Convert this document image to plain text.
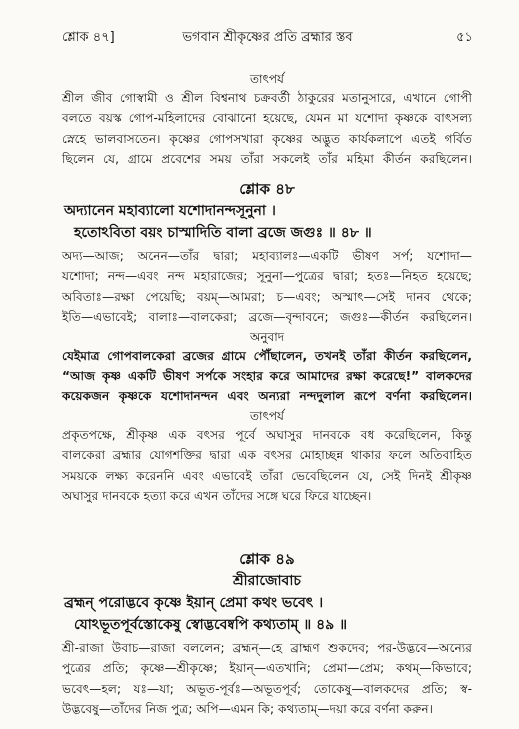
শ্লোক ৪৭]	ভগবান শ্রীকৃষ্ণের প্রতি ব্রহ্মার স্তব	৫১
তাৎপর্য
শ্রীল জীব গোস্বামী ও শ্রীল বিশ্বনাথ চক্রবর্তী ঠাকুরের মতানুসারে, এখানে গোপী
বলতে বয়স্ক গোপ-মহিলাদের বোঝানো হয়েছে, যেমন মা যশোদা কৃষ্ণকে বাৎসল্য
স্নেহে ভালবাসতেন। কৃষ্ণের গোপসখারা কৃষ্ণের অদ্ভুত কার্যকলাপে এতই গর্বিত
ছিলেন যে, গ্রামে প্রবেশের সময় তাঁরা সকলেই তাঁর মহিমা কীর্তন করছিলেন।
শ্লোক ৪৮
অদ্যানেন মহাব্যালো যশোদানন্দসূনুনা ।
হতোঽবিতা বয়ং চাস্মাদিতি বালা ব্রজে জগুঃ ॥ ৪৮ ॥
অদ্য—আজ; অনেন—তাঁর দ্বারা; মহাব্যালঃ—একটি ভীষণ সর্প; যশোদা—
যশোদা; নন্দ—এবং নন্দ মহারাজের; সূনুনা—পুত্রের দ্বারা; হতঃ—নিহত হয়েছে;
অবিতাঃ—রক্ষা পেয়েছি; বয়ম্—আমরা; চ—এবং; অস্মাৎ—সেই দানব থেকে;
ইতি—এভাবেই; বালাঃ—বালকেরা; ব্রজে—বৃন্দাবনে; জগুঃ—কীর্তন করছিলেন।
অনুবাদ
যেইমাত্র গোপবালকেরা ব্রজের গ্রামে পৌঁছালেন, তখনই তাঁরা কীর্তন করছিলেন,
“আজ কৃষ্ণ একটি ভীষণ সর্পকে সংহার করে আমাদের রক্ষা করেছে!” বালকদের
কয়েকজন কৃষ্ণকে যশোদানন্দন এবং অন্যরা নন্দদুলাল রূপে বর্ণনা করছিলেন।
তাৎপর্য
প্রকৃতপক্ষে, শ্রীকৃষ্ণ এক বৎসর পূর্বে অঘাসুর দানবকে বধ করেছিলেন, কিন্তু
বালকেরা ব্রহ্মার যোগশক্তির দ্বারা এক বৎসর মোহাচ্ছন্ন থাকার ফলে অতিবাহিত
সময়কে লক্ষ্য করেননি এবং এভাবেই তাঁরা ভেবেছিলেন যে, সেই দিনই শ্রীকৃষ্ণ
অঘাসুর দানবকে হত্যা করে এখন তাঁদের সঙ্গে ঘরে ফিরে যাচ্ছেন।
শ্লোক ৪৯
শ্রীরাজোবাচ
ব্রহ্মন্ পরোদ্ভবে কৃষ্ণে ইয়ান্ প্রেমা কথং ভবেৎ ।
যোঽভূতপূর্বস্তোকেষু স্বোদ্ভবেষ্বপি কথ্যতাম্ ॥ ৪৯ ॥
শ্রী-রাজা উবাচ—রাজা বললেন; ব্রহ্মন্—হে ব্রাহ্মণ শুকদেব; পর-উদ্ভবে—অন্যের
পুত্রের প্রতি; কৃষ্ণে—শ্রীকৃষ্ণে; ইয়ান্—এতখানি; প্রেমা—প্রেম; কথম্—কিভাবে;
ভবেৎ—হল; যঃ—যা; অভূত-পূর্বঃ—অভূতপূর্ব; তোকেষু—বালকদের প্রতি; স্ব-
উদ্ভবেষু—তাঁদের নিজ পুত্র; অপি—এমন কি; কথ্যতাম্—দয়া করে বর্ণনা করুন।
